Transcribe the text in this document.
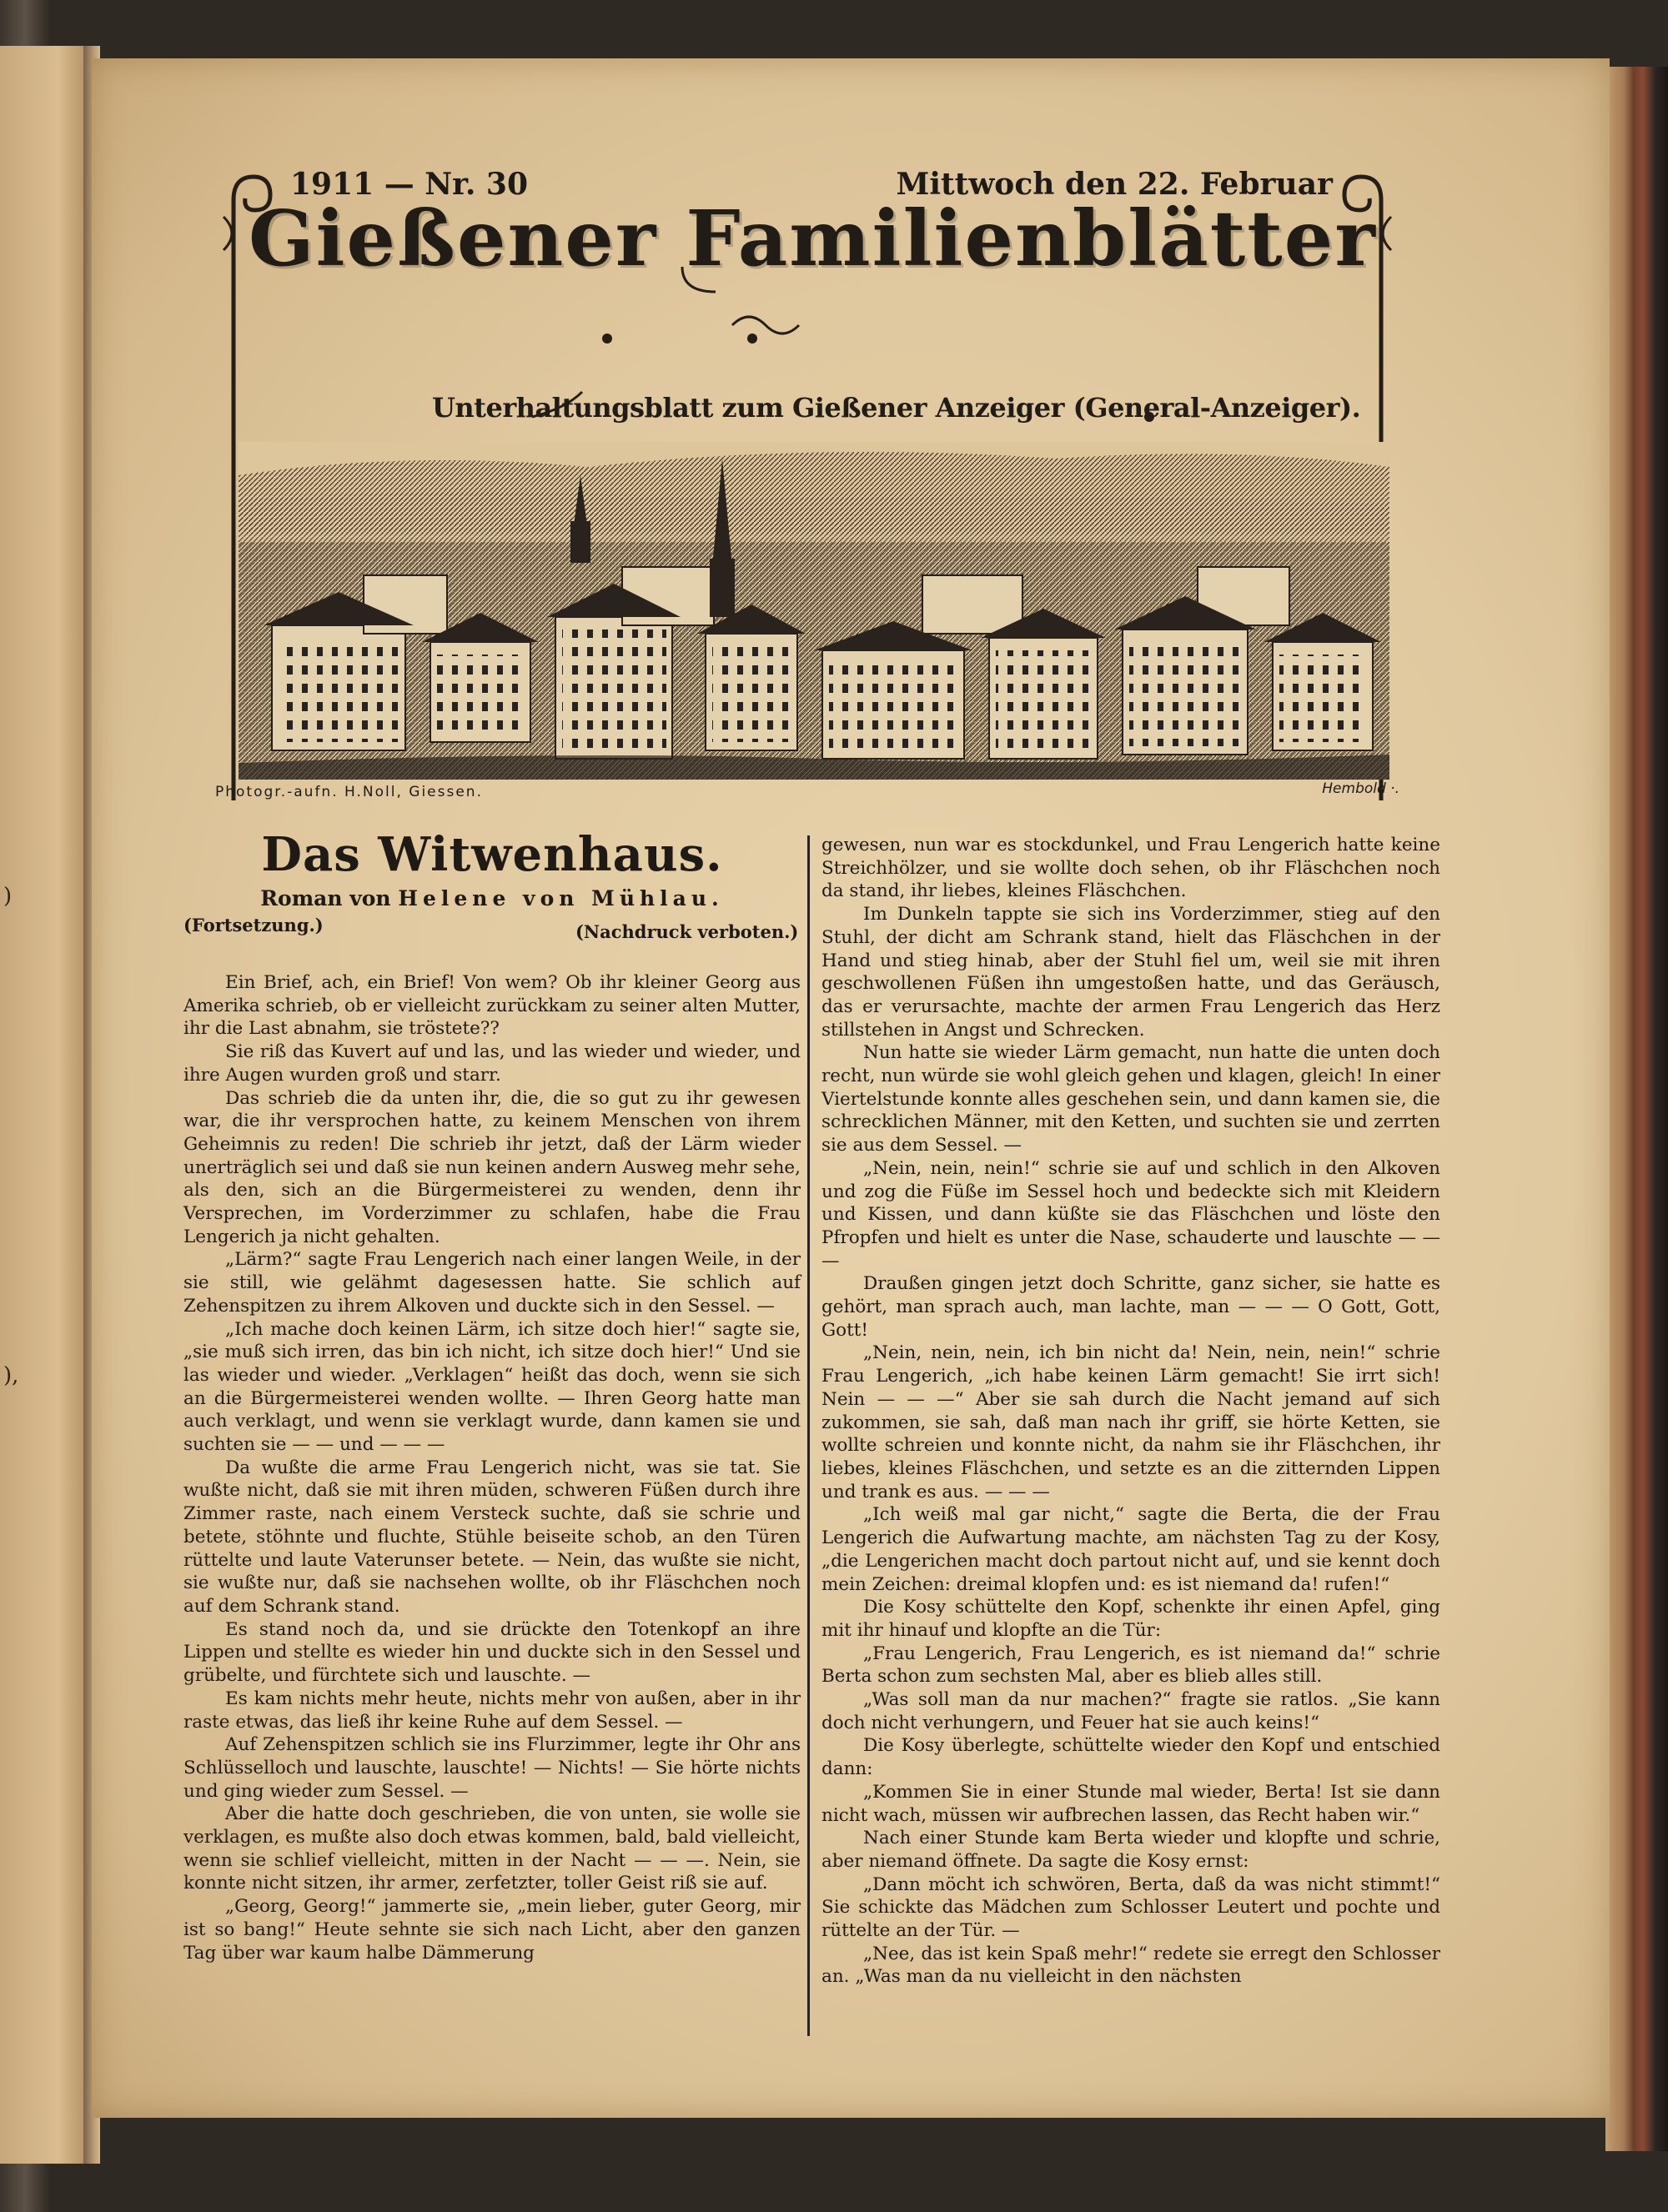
)
),
1911 — Nr. 30	Mittwoch den 22. Februar
Gießener Familienblätter
Unterhaltungsblatt zum Gießener Anzeiger (General-Anzeiger).
Photogr.-aufn. H.Noll, Giessen.	Hembold ·.
Das Witwenhaus.
Roman von Helene von Mühlau.
(Fortsetzung.)	(Nachdruck verboten.)

Ein Brief, ach, ein Brief! Von wem? Ob ihr kleiner Georg aus Amerika schrieb, ob er vielleicht zurückkam zu seiner alten Mutter, ihr die Last abnahm, sie tröstete??

Sie riß das Kuvert auf und las, und las wieder und wieder, und ihre Augen wurden groß und starr.

Das schrieb die da unten ihr, die, die so gut zu ihr gewesen war, die ihr versprochen hatte, zu keinem Menschen von ihrem Geheimnis zu reden! Die schrieb ihr jetzt, daß der Lärm wieder unerträglich sei und daß sie nun keinen andern Ausweg mehr sehe, als den, sich an die Bürgermeisterei zu wenden, denn ihr Versprechen, im Vorderzimmer zu schlafen, habe die Frau Lengerich ja nicht gehalten.

„Lärm?“ sagte Frau Lengerich nach einer langen Weile, in der sie still, wie gelähmt dagesessen hatte. Sie schlich auf Zehenspitzen zu ihrem Alkoven und duckte sich in den Sessel. —

„Ich mache doch keinen Lärm, ich sitze doch hier!“ sagte sie, „sie muß sich irren, das bin ich nicht, ich sitze doch hier!“ Und sie las wieder und wieder. „Verklagen“ heißt das doch, wenn sie sich an die Bürgermeisterei wenden wollte. — Ihren Georg hatte man auch verklagt, und wenn sie verklagt wurde, dann kamen sie und suchten sie — — und — — —

Da wußte die arme Frau Lengerich nicht, was sie tat. Sie wußte nicht, daß sie mit ihren müden, schweren Füßen durch ihre Zimmer raste, nach einem Versteck suchte, daß sie schrie und betete, stöhnte und fluchte, Stühle beiseite schob, an den Türen rüttelte und laute Vaterunser betete. — Nein, das wußte sie nicht, sie wußte nur, daß sie nachsehen wollte, ob ihr Fläschchen noch auf dem Schrank stand.

Es stand noch da, und sie drückte den Totenkopf an ihre Lippen und stellte es wieder hin und duckte sich in den Sessel und grübelte, und fürchtete sich und lauschte. —

Es kam nichts mehr heute, nichts mehr von außen, aber in ihr raste etwas, das ließ ihr keine Ruhe auf dem Sessel. —

Auf Zehenspitzen schlich sie ins Flurzimmer, legte ihr Ohr ans Schlüsselloch und lauschte, lauschte! — Nichts! — Sie hörte nichts und ging wieder zum Sessel. —

Aber die hatte doch geschrieben, die von unten, sie wolle sie verklagen, es mußte also doch etwas kommen, bald, bald vielleicht, wenn sie schlief vielleicht, mitten in der Nacht — — —. Nein, sie konnte nicht sitzen, ihr armer, zerfetzter, toller Geist riß sie auf.

„Georg, Georg!“ jammerte sie, „mein lieber, guter Georg, mir ist so bang!“ Heute sehnte sie sich nach Licht, aber den ganzen Tag über war kaum halbe Dämmerung

gewesen, nun war es stockdunkel, und Frau Lengerich hatte keine Streichhölzer, und sie wollte doch sehen, ob ihr Fläschchen noch da stand, ihr liebes, kleines Fläschchen.

Im Dunkeln tappte sie sich ins Vorderzimmer, stieg auf den Stuhl, der dicht am Schrank stand, hielt das Fläschchen in der Hand und stieg hinab, aber der Stuhl fiel um, weil sie mit ihren geschwollenen Füßen ihn umgestoßen hatte, und das Geräusch, das er verursachte, machte der armen Frau Lengerich das Herz stillstehen in Angst und Schrecken.

Nun hatte sie wieder Lärm gemacht, nun hatte die unten doch recht, nun würde sie wohl gleich gehen und klagen, gleich! In einer Viertelstunde konnte alles geschehen sein, und dann kamen sie, die schrecklichen Männer, mit den Ketten, und suchten sie und zerrten sie aus dem Sessel. —

„Nein, nein, nein!“ schrie sie auf und schlich in den Alkoven und zog die Füße im Sessel hoch und bedeckte sich mit Kleidern und Kissen, und dann küßte sie das Fläschchen und löste den Pfropfen und hielt es unter die Nase, schauderte und lauschte — — —

Draußen gingen jetzt doch Schritte, ganz sicher, sie hatte es gehört, man sprach auch, man lachte, man — — — O Gott, Gott, Gott!

„Nein, nein, nein, ich bin nicht da! Nein, nein, nein!“ schrie Frau Lengerich, „ich habe keinen Lärm gemacht! Sie irrt sich! Nein — — —“ Aber sie sah durch die Nacht jemand auf sich zukommen, sie sah, daß man nach ihr griff, sie hörte Ketten, sie wollte schreien und konnte nicht, da nahm sie ihr Fläschchen, ihr liebes, kleines Fläschchen, und setzte es an die zitternden Lippen und trank es aus. — — —

„Ich weiß mal gar nicht,“ sagte die Berta, die der Frau Lengerich die Aufwartung machte, am nächsten Tag zu der Kosy, „die Lengerichen macht doch partout nicht auf, und sie kennt doch mein Zeichen: dreimal klopfen und: es ist niemand da! rufen!“

Die Kosy schüttelte den Kopf, schenkte ihr einen Apfel, ging mit ihr hinauf und klopfte an die Tür:

„Frau Lengerich, Frau Lengerich, es ist niemand da!“ schrie Berta schon zum sechsten Mal, aber es blieb alles still.

„Was soll man da nur machen?“ fragte sie ratlos. „Sie kann doch nicht verhungern, und Feuer hat sie auch keins!“

Die Kosy überlegte, schüttelte wieder den Kopf und entschied dann:

„Kommen Sie in einer Stunde mal wieder, Berta! Ist sie dann nicht wach, müssen wir aufbrechen lassen, das Recht haben wir.“

Nach einer Stunde kam Berta wieder und klopfte und schrie, aber niemand öffnete. Da sagte die Kosy ernst:

„Dann möcht ich schwören, Berta, daß da was nicht stimmt!“ Sie schickte das Mädchen zum Schlosser Leutert und pochte und rüttelte an der Tür. —

„Nee, das ist kein Spaß mehr!“ redete sie erregt den Schlosser an. „Was man da nu vielleicht in den nächsten
